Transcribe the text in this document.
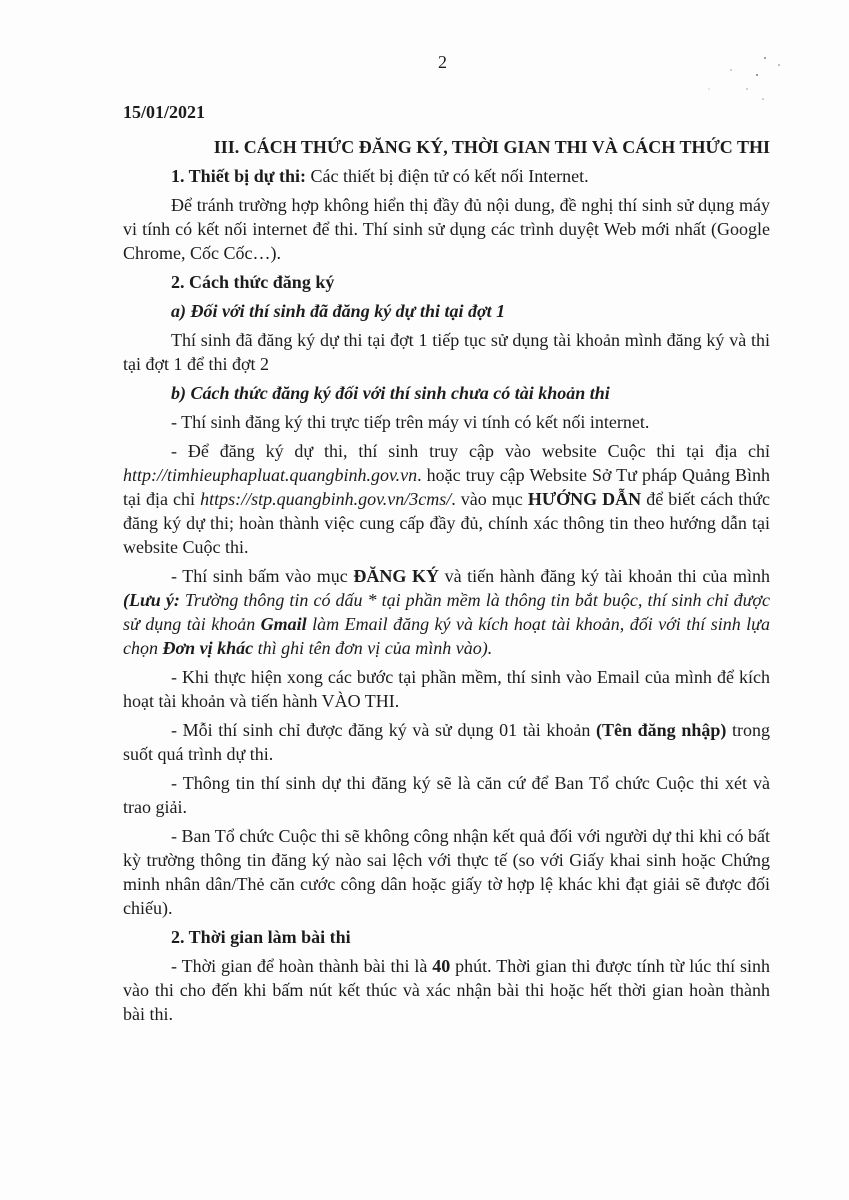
2
15/01/2021
III. CÁCH THỨC ĐĂNG KÝ, THỜI GIAN THI VÀ CÁCH THỨC THI

1. Thiết bị dự thi: Các thiết bị điện tử có kết nối Internet.

Để tránh trường hợp không hiển thị đầy đủ nội dung, đề nghị thí sinh sử dụng máy vi tính có kết nối internet để thi. Thí sinh sử dụng các trình duyệt Web mới nhất (Google Chrome, Cốc Cốc…).

2. Cách thức đăng ký

a) Đối với thí sinh đã đăng ký dự thi tại đợt 1

Thí sinh đã đăng ký dự thi tại đợt 1 tiếp tục sử dụng tài khoản mình đăng ký và thi tại đợt 1 để thi đợt 2

b) Cách thức đăng ký đối với thí sinh chưa có tài khoản thi

- Thí sinh đăng ký thi trực tiếp trên máy vi tính có kết nối internet.

- Để đăng ký dự thi, thí sinh truy cập vào website Cuộc thi tại địa chỉ http://timhieuphapluat.quangbinh.gov.vn. hoặc truy cập Website Sở Tư pháp Quảng Bình tại địa chỉ https://stp.quangbinh.gov.vn/3cms/. vào mục HƯỚNG DẪN để biết cách thức đăng ký dự thi; hoàn thành việc cung cấp đầy đủ, chính xác thông tin theo hướng dẫn tại website Cuộc thi.

- Thí sinh bấm vào mục ĐĂNG KÝ và tiến hành đăng ký tài khoản thi của mình (Lưu ý: Trường thông tin có dấu * tại phần mềm là thông tin bắt buộc, thí sinh chỉ được sử dụng tài khoản Gmail làm Email đăng ký và kích hoạt tài khoản, đối với thí sinh lựa chọn Đơn vị khác thì ghi tên đơn vị của mình vào).

- Khi thực hiện xong các bước tại phần mềm, thí sinh vào Email của mình để kích hoạt tài khoản và tiến hành VÀO THI.

- Mỗi thí sinh chỉ được đăng ký và sử dụng 01 tài khoản (Tên đăng nhập) trong suốt quá trình dự thi.

- Thông tin thí sinh dự thi đăng ký sẽ là căn cứ để Ban Tổ chức Cuộc thi xét và trao giải.

- Ban Tổ chức Cuộc thi sẽ không công nhận kết quả đối với người dự thi khi có bất kỳ trường thông tin đăng ký nào sai lệch với thực tế (so với Giấy khai sinh hoặc Chứng minh nhân dân/Thẻ căn cước công dân hoặc giấy tờ hợp lệ khác khi đạt giải sẽ được đối chiếu).

2. Thời gian làm bài thi

- Thời gian để hoàn thành bài thi là 40 phút. Thời gian thi được tính từ lúc thí sinh vào thi cho đến khi bấm nút kết thúc và xác nhận bài thi hoặc hết thời gian hoàn thành bài thi.
